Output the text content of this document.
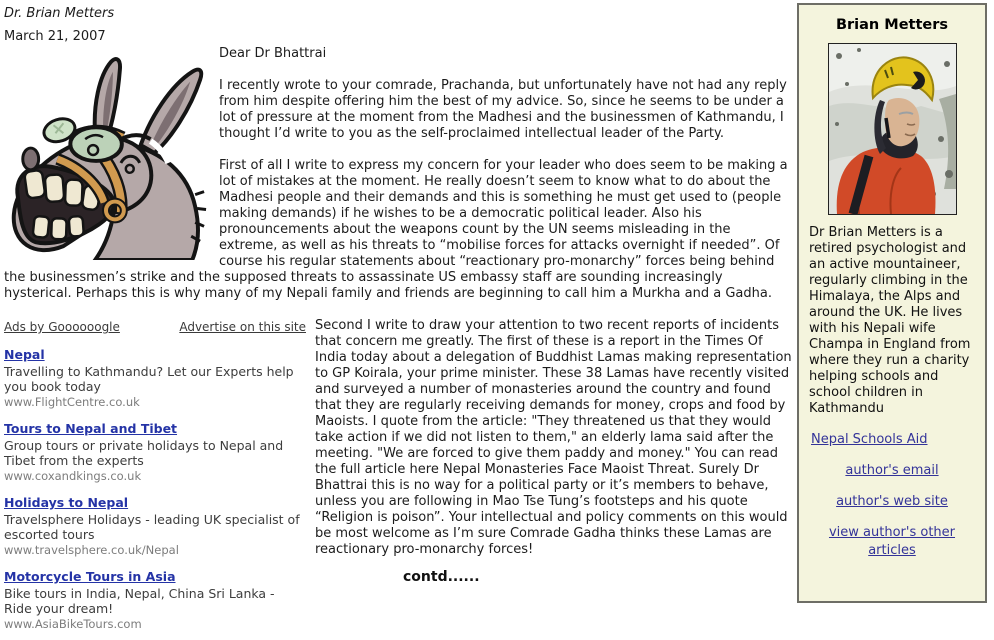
Dr. Brian Metters
March 21, 2007

Dear Dr Bhattrai

I recently wrote to your comrade, Prachanda, but unfortunately have not had any reply from him despite offering him the best of my advice. So, since he seems to be under a lot of pressure at the moment from the Madhesi and the businessmen of Kathmandu, I thought I’d write to you as the self-proclaimed intellectual leader of the Party.

First of all I write to express my concern for your leader who does seem to be making a lot of mistakes at the moment. He really doesn’t seem to know what to do about the Madhesi people and their demands and this is something he must get used to (people making demands) if he wishes to be a democratic political leader. Also his pronouncements about the weapons count by the UN seems misleading in the extreme, as well as his threats to “mobilise forces for attacks overnight if needed”. Of course his regular statements about “reactionary pro-monarchy” forces being behind the businessmen’s strike and the supposed threats to assassinate US embassy staff are sounding increasingly hysterical. Perhaps this is why many of my Nepali family and friends are beginning to call him a Murkha and a Gadha.

Ads by Goooooogle	Advertise on this site
Nepal
Travelling to Kathmandu? Let our Experts help you book today
www.FlightCentre.co.uk
Tours to Nepal and Tibet
Group tours or private holidays to Nepal and Tibet from the experts
www.coxandkings.co.uk
Holidays to Nepal
Travelsphere Holidays - leading UK specialist of escorted tours
www.travelsphere.co.uk/Nepal
Motorcycle Tours in Asia
Bike tours in India, Nepal, China Sri Lanka - Ride your dream!
www.AsiaBikeTours.com

Second I write to draw your attention to two recent reports of incidents that concern me greatly. The first of these is a report in the Times Of India today about a delegation of Buddhist Lamas making representation to GP Koirala, your prime minister. These 38 Lamas have recently visited and surveyed a number of monasteries around the country and found that they are regularly receiving demands for money, crops and food by Maoists. I quote from the article: "They threatened us that they would take action if we did not listen to them," an elderly lama said after the meeting. "We are forced to give them paddy and money." You can read the full article here Nepal Monasteries Face Maoist Threat. Surely Dr Bhattrai this is no way for a political party or it’s members to behave, unless you are following in Mao Tse Tung’s footsteps and his quote “Religion is poison”. Your intellectual and policy comments on this would be most welcome as I’m sure Comrade Gadha thinks these Lamas are reactionary pro-monarchy forces!

contd......
Brian Metters
Dr Brian Metters is a retired psychologist and an active mountaineer, regularly climbing in the Himalaya, the Alps and around the UK. He lives with his Nepali wife Champa in England from where they run a charity helping schools and school children in Kathmandu
Nepal Schools Aid
author's email
author's web site
view author's other articles
